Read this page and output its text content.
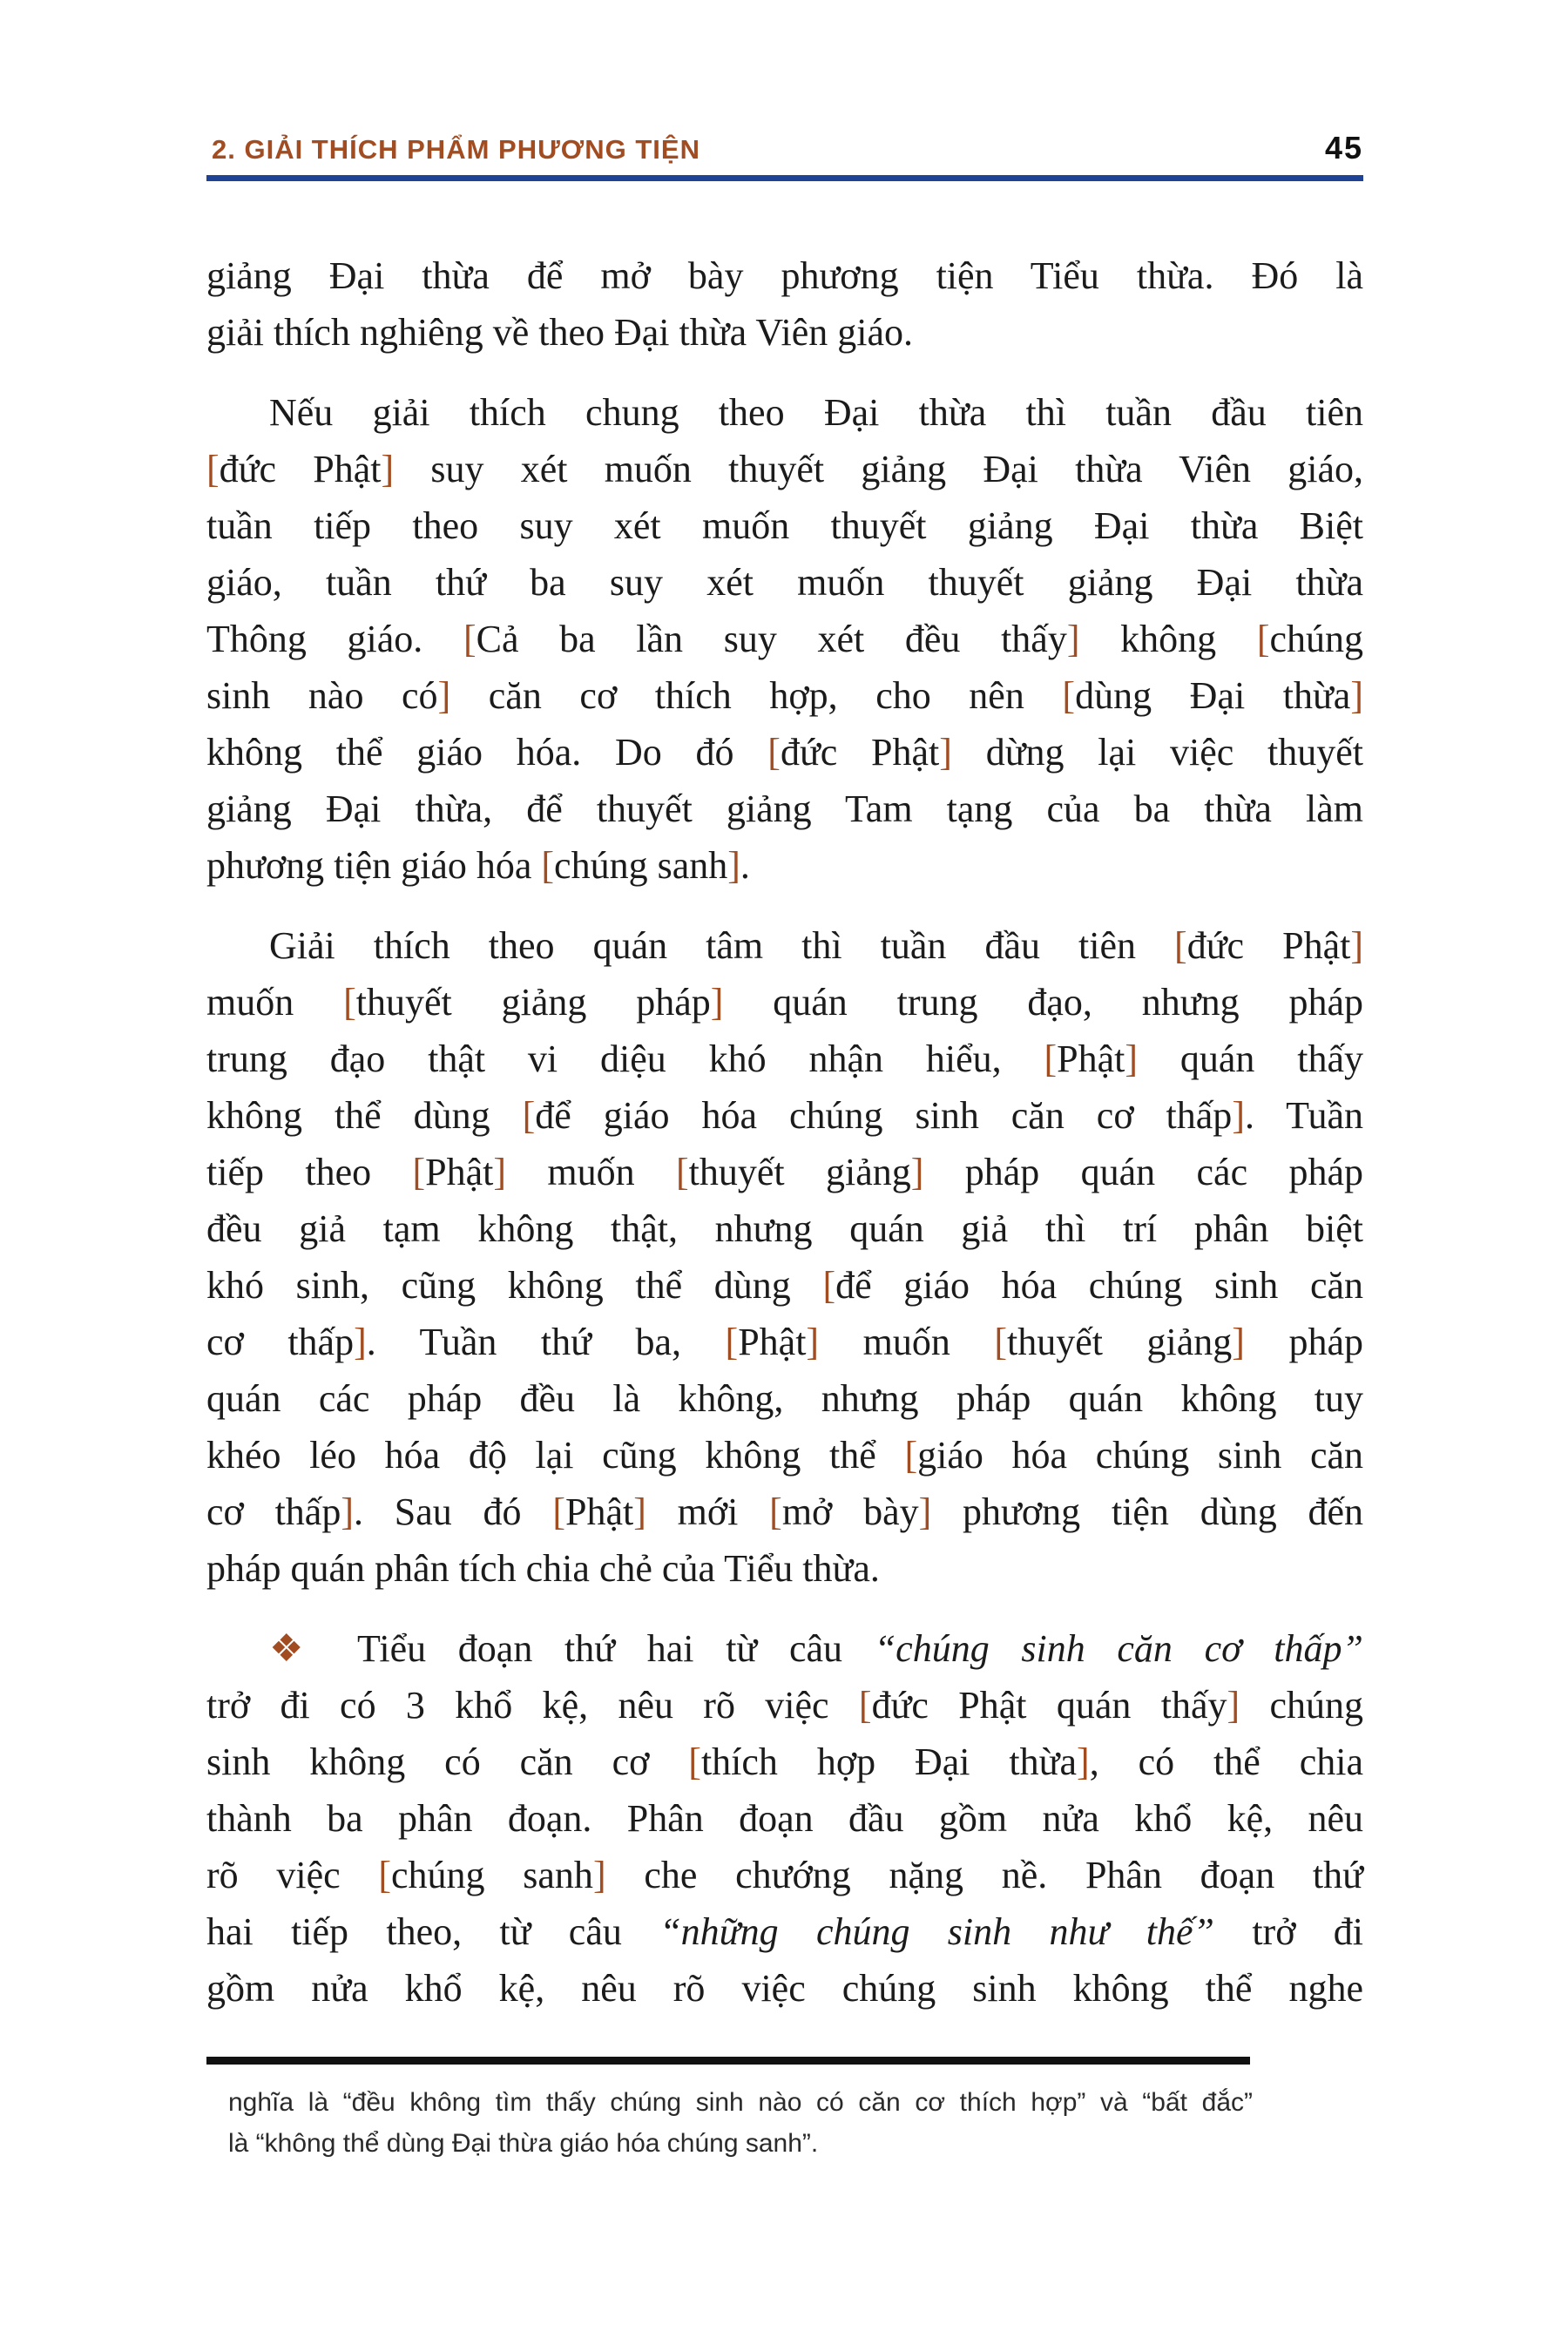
2. GIẢI THÍCH PHẨM PHƯƠNG TIỆN	45
giảng Đại thừa để mở bày phương tiện Tiểu thừa. Đó là
giải thích nghiêng về theo Đại thừa Viên giáo.
Nếu giải thích chung theo Đại thừa thì tuần đầu tiên
[đức Phật] suy xét muốn thuyết giảng Đại thừa Viên giáo,
tuần tiếp theo suy xét muốn thuyết giảng Đại thừa Biệt
giáo, tuần thứ ba suy xét muốn thuyết giảng Đại thừa
Thông giáo. [Cả ba lần suy xét đều thấy] không [chúng
sinh nào có] căn cơ thích hợp, cho nên [dùng Đại thừa]
không thể giáo hóa. Do đó [đức Phật] dừng lại việc thuyết
giảng Đại thừa, để thuyết giảng Tam tạng của ba thừa làm
phương tiện giáo hóa [chúng sanh].
Giải thích theo quán tâm thì tuần đầu tiên [đức Phật]
muốn [thuyết giảng pháp] quán trung đạo, nhưng pháp
trung đạo thật vi diệu khó nhận hiểu, [Phật] quán thấy
không thể dùng [để giáo hóa chúng sinh căn cơ thấp]. Tuần
tiếp theo [Phật] muốn [thuyết giảng] pháp quán các pháp
đều giả tạm không thật, nhưng quán giả thì trí phân biệt
khó sinh, cũng không thể dùng [để giáo hóa chúng sinh căn
cơ thấp]. Tuần thứ ba, [Phật] muốn [thuyết giảng] pháp
quán các pháp đều là không, nhưng pháp quán không tuy
khéo léo hóa độ lại cũng không thể [giáo hóa chúng sinh căn
cơ thấp]. Sau đó [Phật] mới [mở bày] phương tiện dùng đến
pháp quán phân tích chia chẻ của Tiểu thừa.
❖ Tiểu đoạn thứ hai từ câu “chúng sinh căn cơ thấp”
trở đi có 3 khổ kệ, nêu rõ việc [đức Phật quán thấy] chúng
sinh không có căn cơ [thích hợp Đại thừa], có thể chia
thành ba phân đoạn. Phân đoạn đầu gồm nửa khổ kệ, nêu
rõ việc [chúng sanh] che chướng nặng nề. Phân đoạn thứ
hai tiếp theo, từ câu “những chúng sinh như thế” trở đi
gồm nửa khổ kệ, nêu rõ việc chúng sinh không thể nghe
nghĩa là “đều không tìm thấy chúng sinh nào có căn cơ thích hợp” và “bất đắc”
là “không thể dùng Đại thừa giáo hóa chúng sanh”.
